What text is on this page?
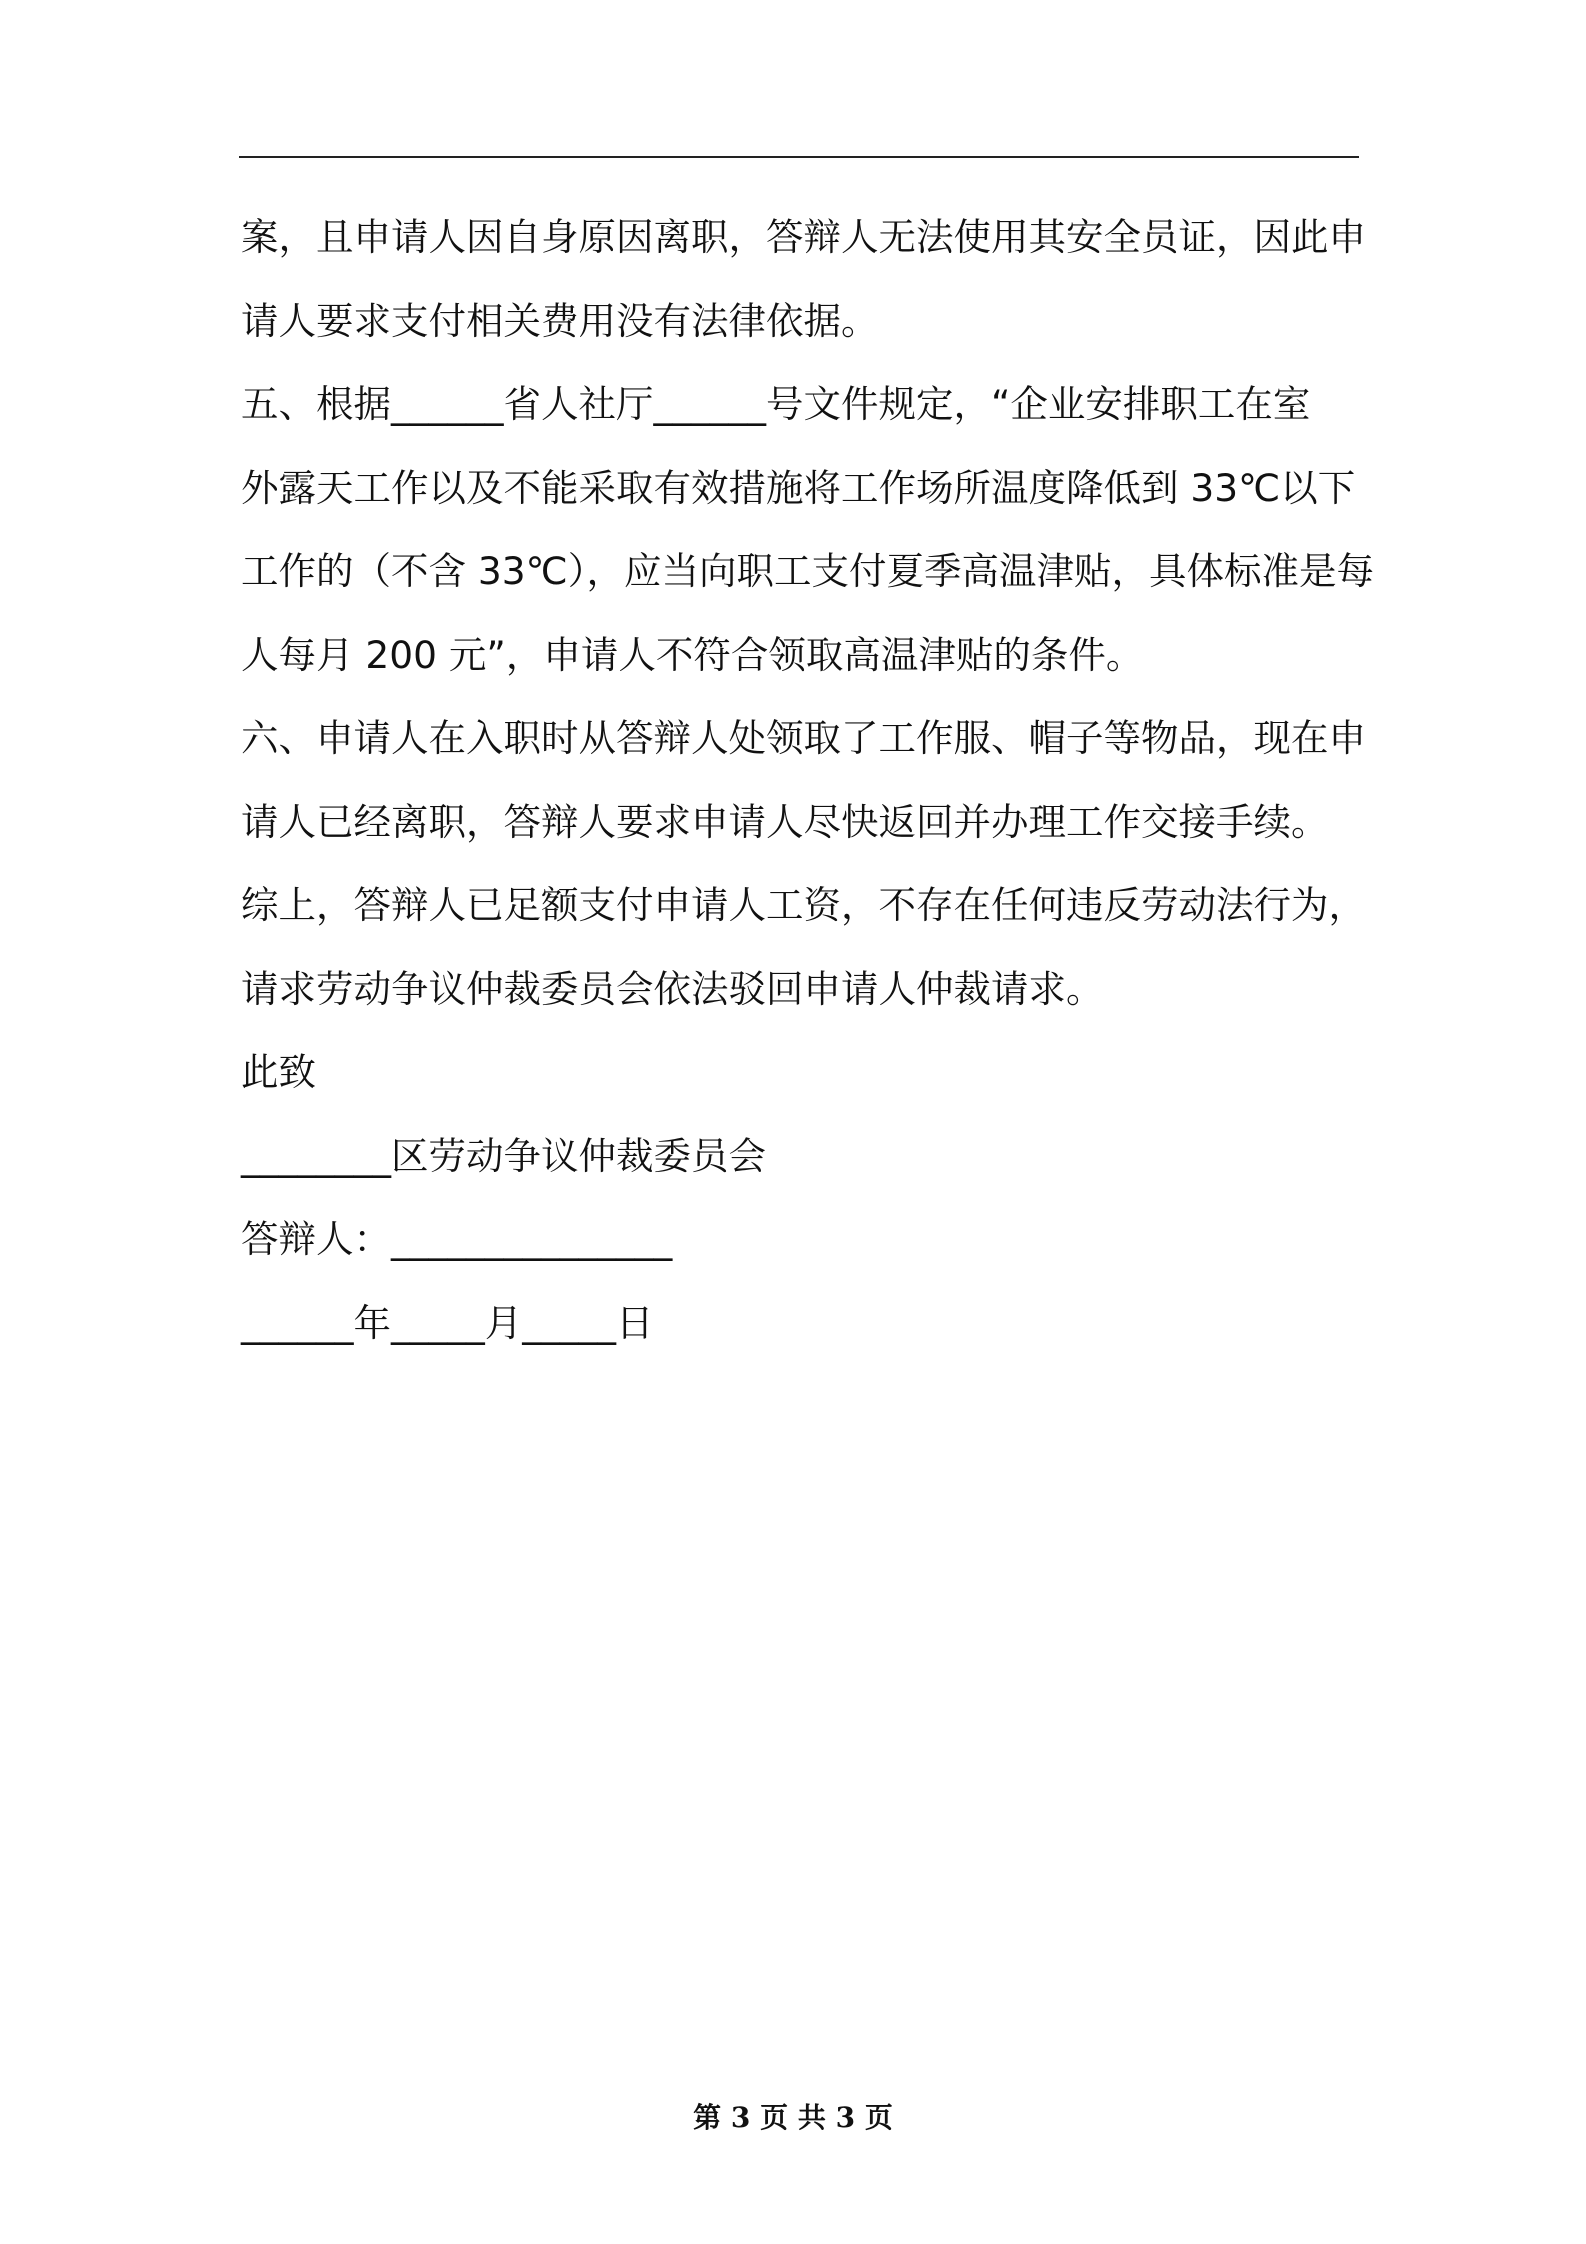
案，且申请人因自身原因离职，答辩人无法使用其安全员证，因此申
请人要求支付相关费用没有法律依据。
五、根据______省人社厅______号文件规定，“企业安排职工在室
外露天工作以及不能采取有效措施将工作场所温度降低到 33℃以下
工作的（不含 33℃），应当向职工支付夏季高温津贴，具体标准是每
人每月 200 元”，申请人不符合领取高温津贴的条件。
六、申请人在入职时从答辩人处领取了工作服、帽子等物品，现在申
请人已经离职，答辩人要求申请人尽快返回并办理工作交接手续。
综上，答辩人已足额支付申请人工资，不存在任何违反劳动法行为，
请求劳动争议仲裁委员会依法驳回申请人仲裁请求。
此致
________区劳动争议仲裁委员会
答辩人：_______________
______年_____月_____日
第 3 页 共 3 页
